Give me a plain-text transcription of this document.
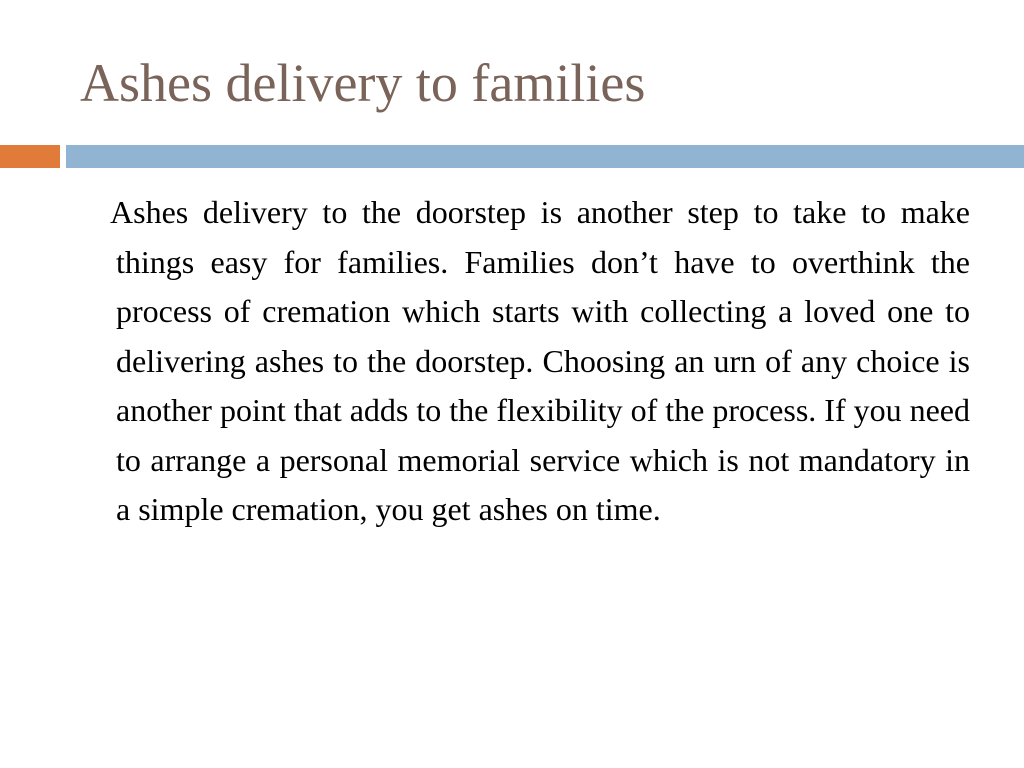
Ashes delivery to families

Ashes delivery to the doorstep is another step to take to make things easy for families. Families don’t have to overthink the process of cremation which starts with collecting a loved one to delivering ashes to the doorstep. Choosing an urn of any choice is another point that adds to the flexibility of the process. If you need to arrange a personal memorial service which is not mandatory in a simple cremation, you get ashes on time.
